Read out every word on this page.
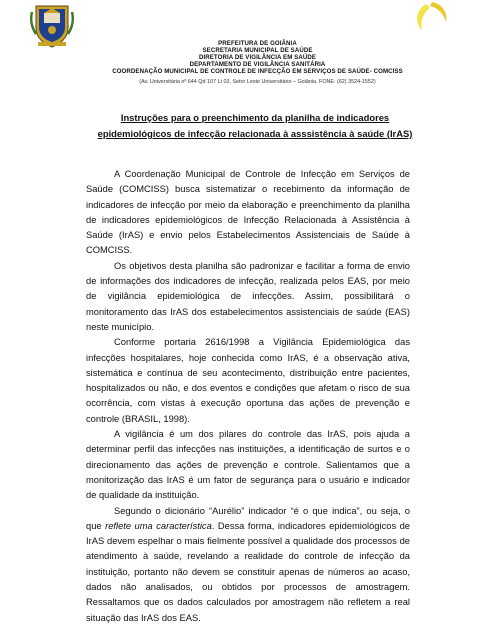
PREFEITURA DE GOIÂNIA
SECRETARIA MUNICIPAL DE SAÚDE
DIRETORIA DE VIGILÂNCIA EM SAÚDE
DEPARTAMENTO DE VIGILÂNCIA SANITÁRIA
COORDENAÇÃO MUNICIPAL DE CONTROLE DE INFECÇÃO EM SERVIÇOS DE SAÚDE- COMCISS
(Av. Universitária nº 644 Qd 107 Lt 03, Setor Leste Universitário – Goiânia. FONE: (62) 3524-1552)
Instruções para o preenchimento da planilha de indicadores
epidemiológicos de infecção relacionada à asssistência à saúde (IrAS)

A Coordenação Municipal de Controle de Infecção em Serviços de Saúde (COMCISS) busca sistematizar o recebimento da informação de indicadores de infecção por meio da elaboração e preenchimento da planilha de indicadores epidemiológicos de Infecção Relacionada à Assistência à Saúde (IrAS) e envio pelos Estabelecimentos Assistenciais de Saúde à COMCISS.

Os objetivos desta planilha são padronizar e facilitar a forma de envio de informações dos indicadores de infecção, realizada pelos EAS, por meio de vigilância epidemiológica de infecções. Assim, possibilitará o monitoramento das IrAS dos estabelecimentos assistenciais de saúde (EAS) neste município.

Conforme portaria 2616/1998 a Vigilância Epidemiológica das infecções hospitalares, hoje conhecida como IrAS, é a observação ativa, sistemática e contínua de seu acontecimento, distribuição entre pacientes, hospitalizados ou não, e dos eventos e condições que afetam o risco de sua ocorrência, com vistas à execução oportuna das ações de prevenção e controle (BRASIL, 1998).

A vigilância é um dos pilares do controle das IrAS, pois ajuda a determinar perfil das infecções nas instituições, a identificação de surtos e o direcionamento das ações de prevenção e controle. Salientamos que a monitorização das IrAS é um fator de segurança para o usuário e indicador de qualidade da instituição.

Segundo o dicionário “Aurélio” indicador “é o que indica”, ou seja, o que reflete uma característica. Dessa forma, indicadores epidemiológicos de IrAS devem espelhar o mais fielmente possível a qualidade dos processos de atendimento à saúde, revelando a realidade do controle de infecção da instituição, portanto não devem se constituir apenas de números ao acaso, dados não analisados, ou obtidos por processos de amostragem. Ressaltamos que os dados calculados por amostragem não refletem a real situação das IrAS dos EAS.
